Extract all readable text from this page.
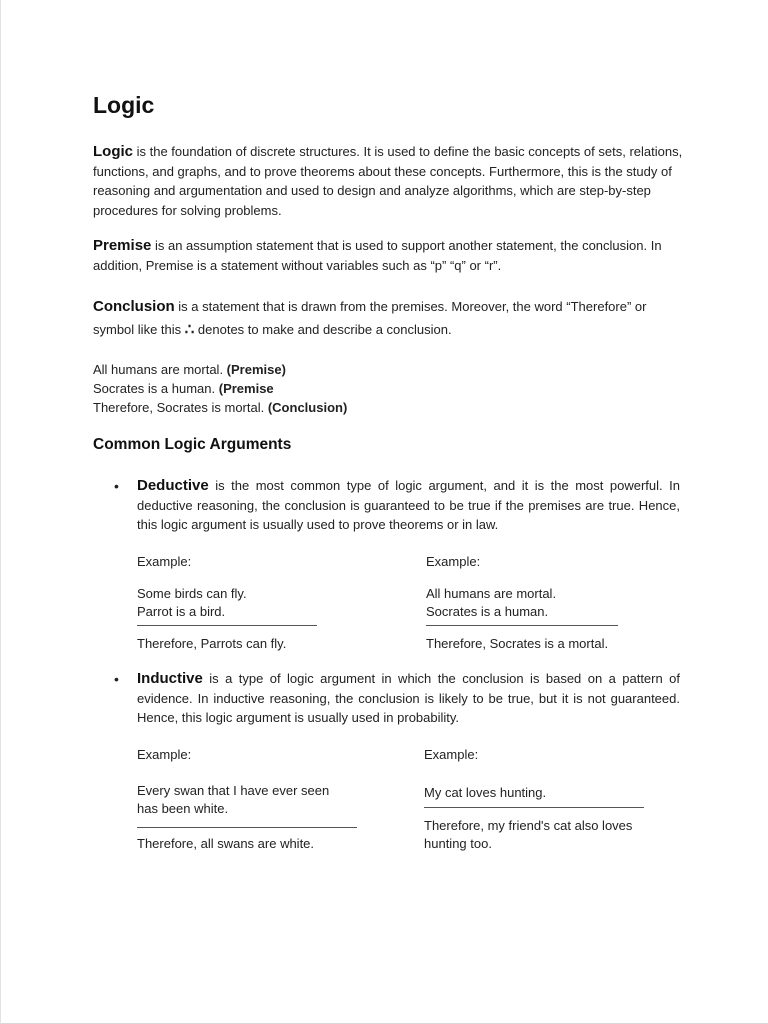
Logic
Logic is the foundation of discrete structures. It is used to define the basic concepts of sets, relations, functions, and graphs, and to prove theorems about these concepts. Furthermore, this is the study of reasoning and argumentation and used to design and analyze algorithms, which are step-by-step procedures for solving problems.
Premise is an assumption statement that is used to support another statement, the conclusion. In addition, Premise is a statement without variables such as “p” “q” or “r”.
Conclusion is a statement that is drawn from the premises. Moreover, the word “Therefore” or symbol like this ∴ denotes to make and describe a conclusion.
All humans are mortal. (Premise)
Socrates is a human. (Premise
Therefore, Socrates is mortal. (Conclusion)
Common Logic Arguments
• Deductive is the most common type of logic argument, and it is the most powerful. In deductive reasoning, the conclusion is guaranteed to be true if the premises are true. Hence, this logic argument is usually used to prove theorems or in law.
Example:
Some birds can fly.
Parrot is a bird.
Therefore, Parrots can fly.
Example:
All humans are mortal.
Socrates is a human.
Therefore, Socrates is a mortal.
• Inductive is a type of logic argument in which the conclusion is based on a pattern of evidence. In inductive reasoning, the conclusion is likely to be true, but it is not guaranteed. Hence, this logic argument is usually used in probability.
Example:
Every swan that I have ever seen
has been white.
Therefore, all swans are white.
Example:
My cat loves hunting.
Therefore, my friend's cat also loves
hunting too.
